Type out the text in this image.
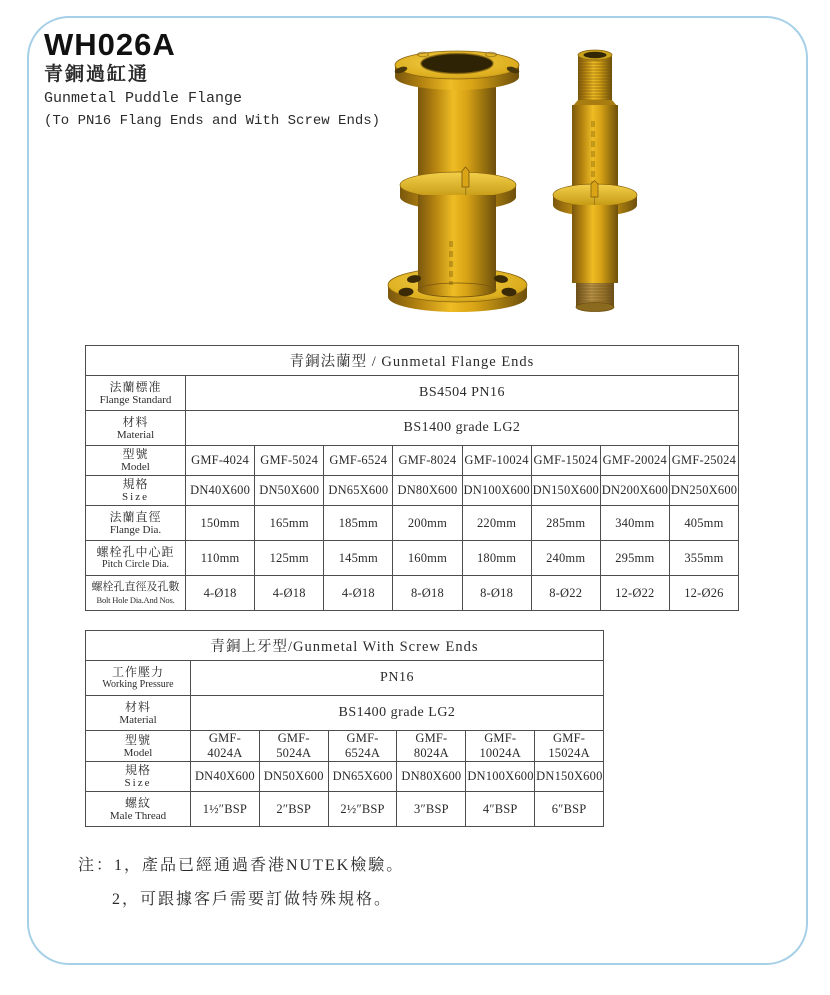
WH026A
青銅過缸通
Gunmetal Puddle Flange
(To PN16 Flang Ends and With Screw Ends)
青銅法蘭型 / Gunmetal Flange Ends								

法蘭標准
Flange Standard	BS4504 PN16							

材料
Material	BS1400 grade LG2							

型號
Model	GMF-4024	GMF-5024	GMF-6524	GMF-8024	GMF-10024	GMF-15024	GMF-20024	GMF-25024

規格
Size	DN40X600	DN50X600	DN65X600	DN80X600	DN100X600	DN150X600	DN200X600	DN250X600

法蘭直徑
Flange Dia.	150mm	165mm	185mm	200mm	220mm	285mm	340mm	405mm

螺栓孔中心距
Pitch Circle Dia.	110mm	125mm	145mm	160mm	180mm	240mm	295mm	355mm

螺栓孔直徑及孔數
Bolt Hole Dia.And Nos.	4-Ø18	4-Ø18	4-Ø18	8-Ø18	8-Ø18	8-Ø22	12-Ø22	12-Ø26
青銅上牙型/Gunmetal With Screw Ends						

工作壓力
Working Pressure	PN16					

材料
Material	BS1400 grade LG2					

型號
Model	GMF-4024A	GMF-5024A	GMF-6524A	GMF-8024A	GMF-10024A	GMF-15024A

規格
Size	DN40X600	DN50X600	DN65X600	DN80X600	DN100X600	DN150X600

螺紋
Male Thread	1½″BSP	2″BSP	2½″BSP	3″BSP	4″BSP	6″BSP
注：1，產品已經通過香港NUTEK檢驗。
2，可跟據客戶需要訂做特殊規格。
